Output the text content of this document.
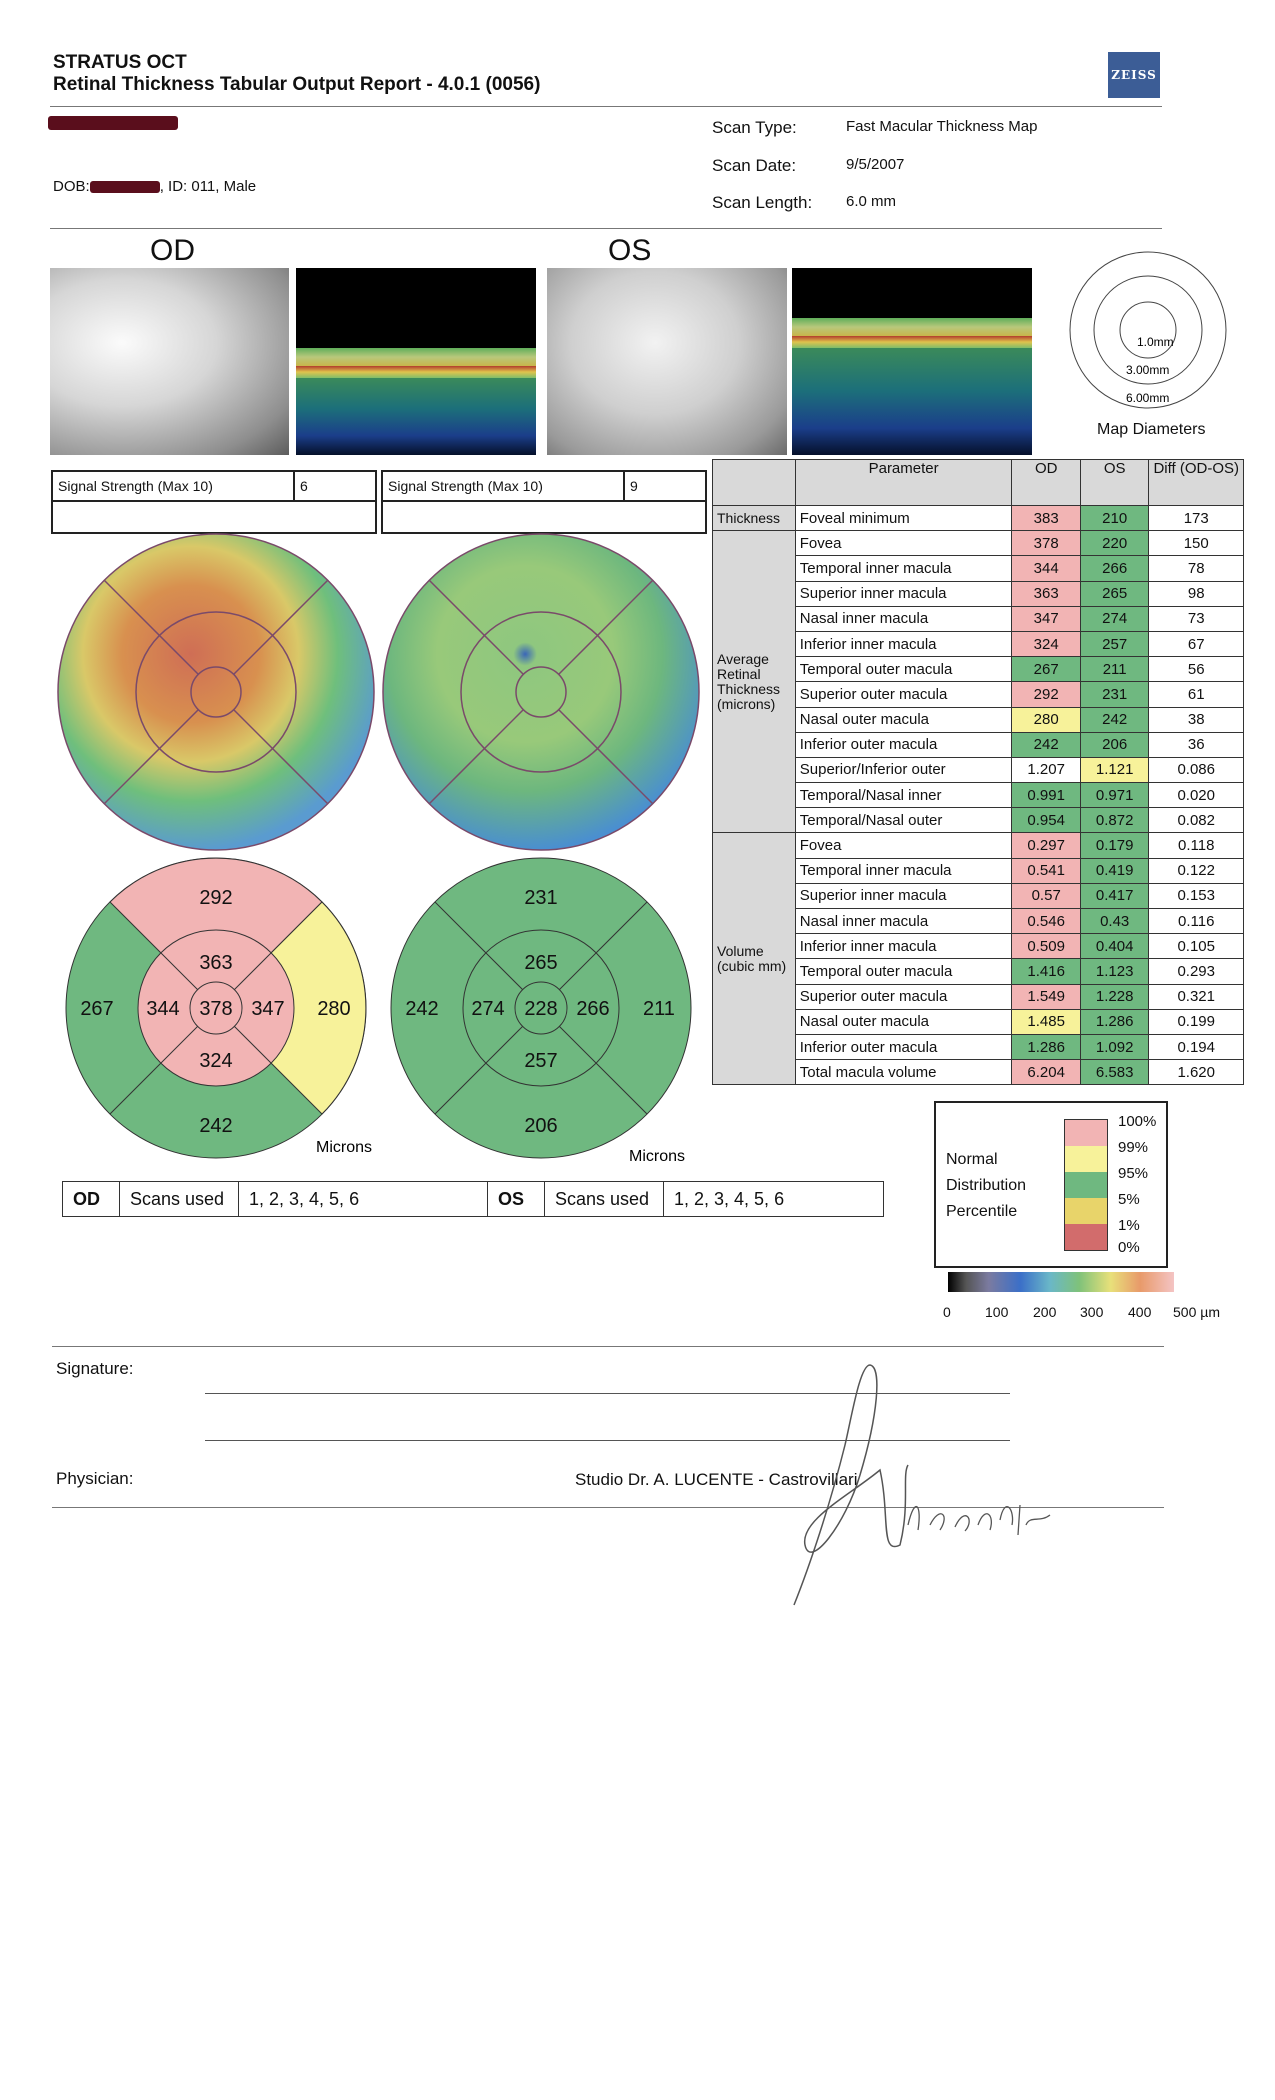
STRATUS OCT
Retinal Thickness Tabular Output Report - 4.0.1 (0056)	ZEISS
DOB:	, ID: 011, Male
Scan Type:	Fast Macular Thickness Map
Scan Date:	9/5/2007
Scan Length: 6.0 mm
OD	OS
1.0mm
3.00mm
6.00mm
Map Diameters
Signal Strength (Max 10)	6	Signal Strength (Max 10)	9

292
363
267 344 378 347 280
324
242
Microns
231
265
242 274 228 266 211
257
206
Microns
OD	Scans used	1, 2, 3, 4, 5, 6	OS	Scans used	1, 2, 3, 4, 5, 6
	Parameter	OD	OS	Diff (OD-OS)
Thickness	Foveal minimum	383	210	173
Average Retinal Thickness (microns)	Fovea	378	220	150
	Temporal inner macula	344	266	78
	Superior inner macula	363	265	98
	Nasal inner macula	347	274	73
	Inferior inner macula	324	257	67
	Temporal outer macula	267	211	56
	Superior outer macula	292	231	61
	Nasal outer macula	280	242	38
	Inferior outer macula	242	206	36
	Superior/Inferior outer	1.207	1.121	0.086
	Temporal/Nasal inner	0.991	0.971	0.020
	Temporal/Nasal outer	0.954	0.872	0.082
Volume (cubic mm)	Fovea	0.297	0.179	0.118
	Temporal inner macula	0.541	0.419	0.122
	Superior inner macula	0.57	0.417	0.153
	Nasal inner macula	0.546	0.43	0.116
	Inferior inner macula	0.509	0.404	0.105
	Temporal outer macula	1.416	1.123	0.293
	Superior outer macula	1.549	1.228	0.321
	Nasal outer macula	1.485	1.286	0.199
	Inferior outer macula	1.286	1.092	0.194
	Total macula volume	6.204	6.583	1.620
Normal
Distribution
Percentile
100%
99%
95%
5%
1%
0%
0 100 200 300 400 500 µm
Signature:
Physician:	Studio Dr. A. LUCENTE - Castrovillari
